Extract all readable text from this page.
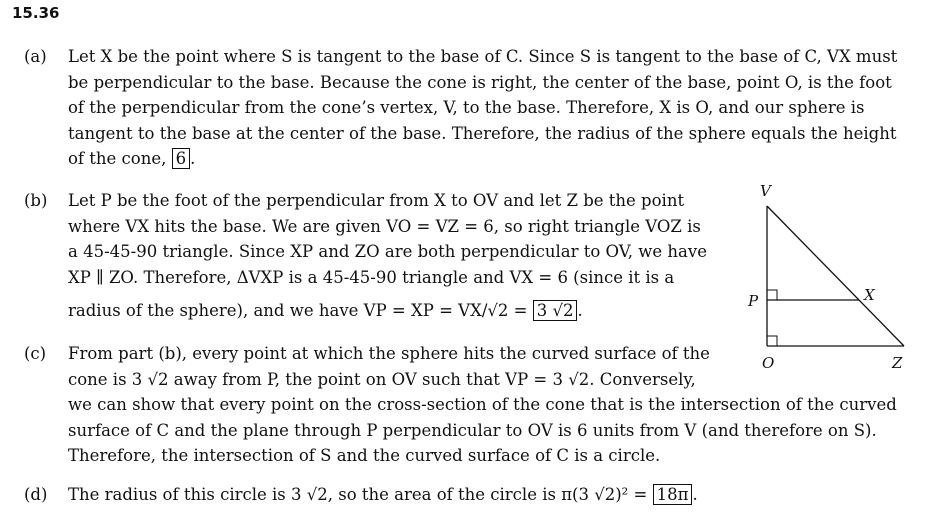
15.36
(a) Let X be the point where S is tangent to the base of C. Since S is tangent to the base of C, VX must
be perpendicular to the base. Because the cone is right, the center of the base, point O, is the foot
of the perpendicular from the cone’s vertex, V, to the base. Therefore, X is O, and our sphere is
tangent to the base at the center of the base. Therefore, the radius of the sphere equals the height
of the cone, 6 .
(b) Let P be the foot of the perpendicular from X to OV and let Z be the point
where VX hits the base. We are given VO = VZ = 6, so right triangle VOZ is
a 45-45-90 triangle. Since XP and ZO are both perpendicular to OV, we have
XP ∥ ZO. Therefore, ΔVXP is a 45-45-90 triangle and VX = 6 (since it is a
radius of the sphere), and we have VP = XP = VX/√2 = 3 √2 .
(c) From part (b), every point at which the sphere hits the curved surface of the
cone is 3 √2 away from P, the point on OV such that VP = 3 √2. Conversely,
we can show that every point on the cross-section of the cone that is the intersection of the curved
surface of C and the plane through P perpendicular to OV is 6 units from V (and therefore on S).
Therefore, the intersection of S and the curved surface of C is a circle.
(d) The radius of this circle is 3 √2, so the area of the circle is π(3 √2)² = 18π .
V
P	X
O	Z
